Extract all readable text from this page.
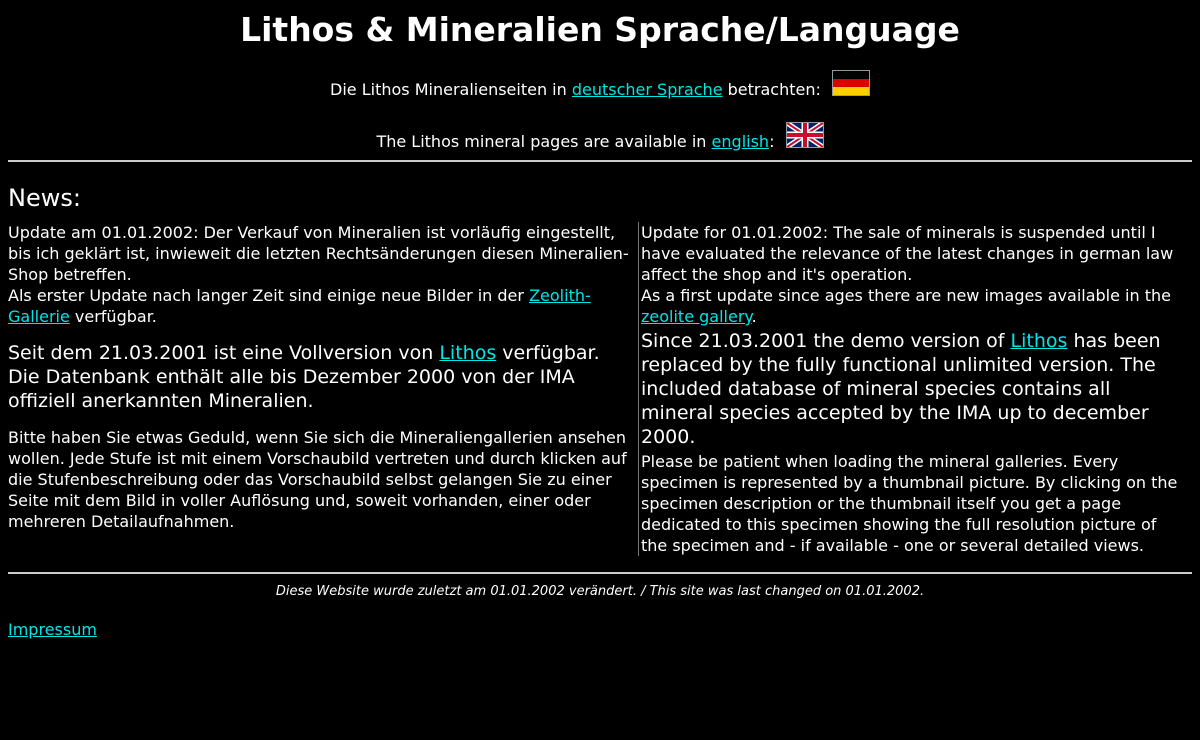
Lithos & Mineralien Sprache/Language
Die Lithos Mineralienseiten in deutscher Sprache betrachten:
The Lithos mineral pages are available in english:
News:
Update am 01.01.2002: Der Verkauf von Mineralien ist vorläufig eingestellt, bis ich geklärt ist, inwieweit die letzten Rechtsänderungen diesen Mineralien-Shop betreffen.
Als erster Update nach langer Zeit sind einige neue Bilder in der Zeolith-Gallerie verfügbar.
Seit dem 21.03.2001 ist eine Vollversion von Lithos verfügbar. Die Datenbank enthält alle bis Dezember 2000 von der IMA offiziell anerkannten Mineralien.
Bitte haben Sie etwas Geduld, wenn Sie sich die Mineraliengallerien ansehen wollen. Jede Stufe ist mit einem Vorschaubild vertreten und durch klicken auf die Stufenbeschreibung oder das Vorschaubild selbst gelangen Sie zu einer Seite mit dem Bild in voller Auflösung und, soweit vorhanden, einer oder mehreren Detailaufnahmen.
Update for 01.01.2002: The sale of minerals is suspended until I have evaluated the relevance of the latest changes in german law affect the shop and it's operation.
As a first update since ages there are new images available in the zeolite gallery.
Since 21.03.2001 the demo version of Lithos has been replaced by the fully functional unlimited version. The included database of mineral species contains all mineral species accepted by the IMA up to december 2000.
Please be patient when loading the mineral galleries. Every specimen is represented by a thumbnail picture. By clicking on the specimen description or the thumbnail itself you get a page dedicated to this specimen showing the full resolution picture of the specimen and - if available - one or several detailed views.
Diese Website wurde zuletzt am 01.01.2002 verändert. / This site was last changed on 01.01.2002.
Impressum
